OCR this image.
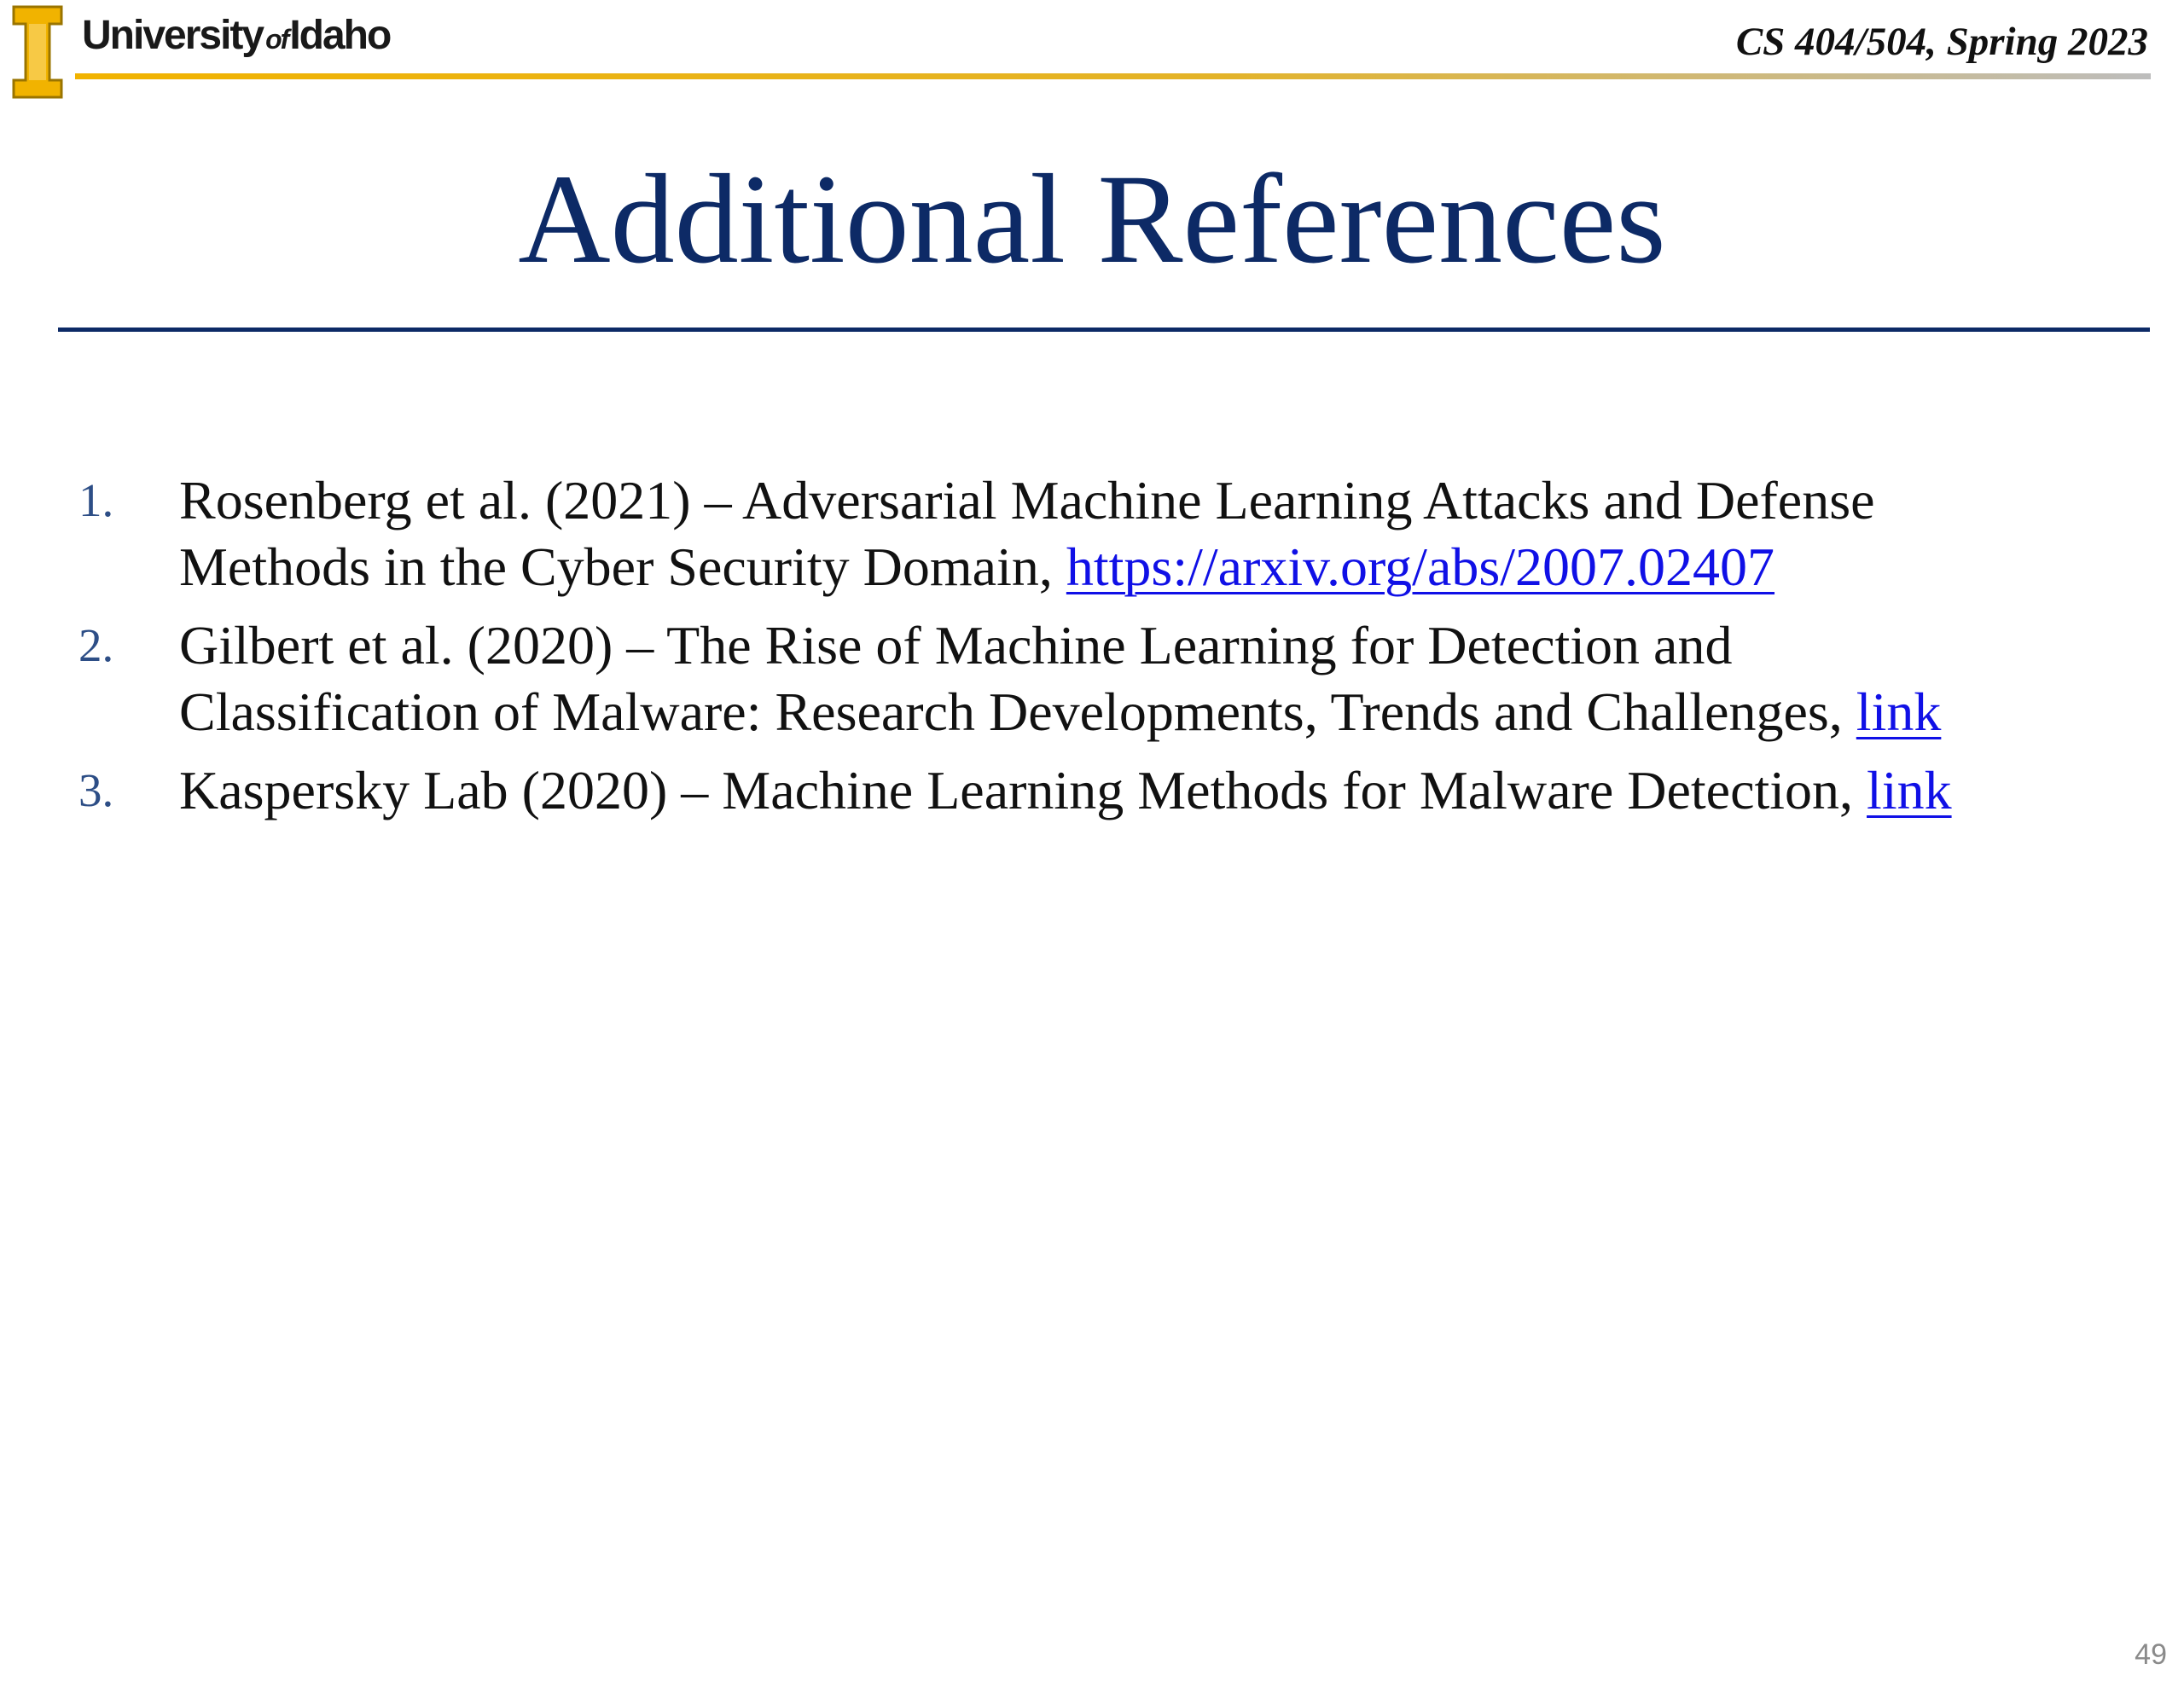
University of Idaho	CS 404/504, Spring 2023
Additional References
1. Rosenberg et al. (2021) – Adversarial Machine Learning Attacks and Defense
Methods in the Cyber Security Domain, https://arxiv.org/abs/2007.02407
2. Gilbert et al. (2020) – The Rise of Machine Learning for Detection and
Classification of Malware: Research Developments, Trends and Challenges, link
3. Kaspersky Lab (2020) – Machine Learning Methods for Malware Detection, link
49
